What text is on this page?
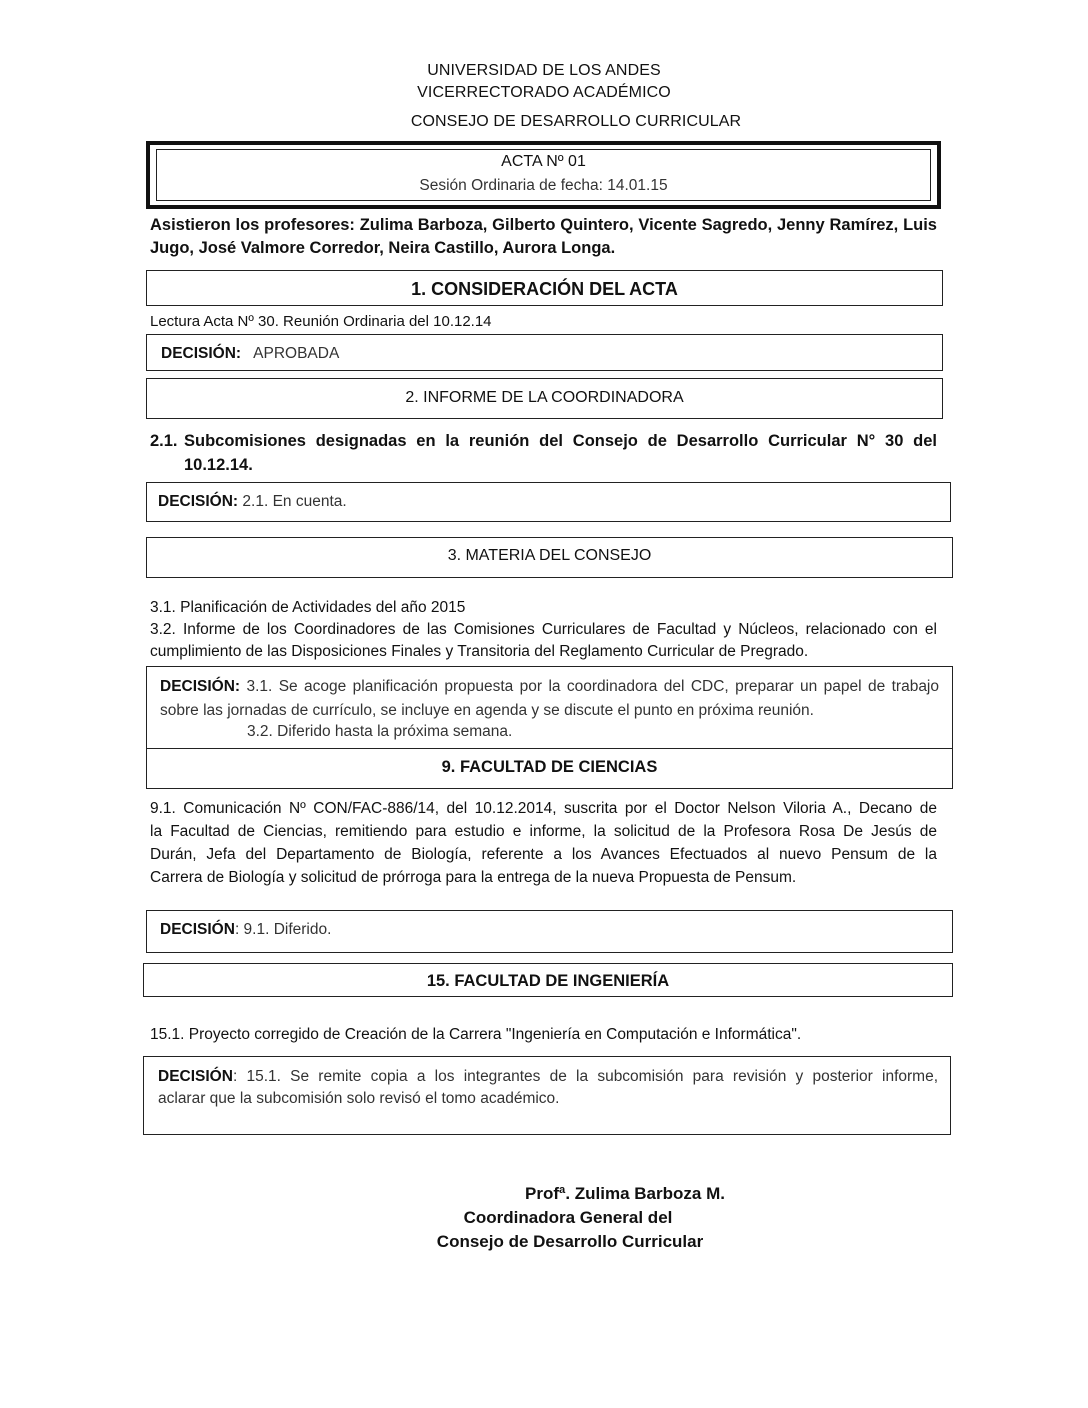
UNIVERSIDAD DE LOS ANDES
VICERRECTORADO ACADÉMICO
CONSEJO DE DESARROLLO CURRICULAR
ACTA Nº 01
Sesión Ordinaria de fecha: 14.01.15
Asistieron los profesores: Zulima Barboza, Gilberto Quintero, Vicente Sagredo, Jenny Ramírez, Luis
Jugo, José Valmore Corredor, Neira Castillo, Aurora Longa.
1. CONSIDERACIÓN DEL ACTA
Lectura Acta Nº 30. Reunión Ordinaria del 10.12.14
DECISIÓN: APROBADA
2. INFORME DE LA COORDINADORA
2.1. Subcomisiones designadas en la reunión del Consejo de Desarrollo Curricular N° 30 del
10.12.14.
DECISIÓN: 2.1. En cuenta.
3. MATERIA DEL CONSEJO
3.1. Planificación de Actividades del año 2015
3.2. Informe de los Coordinadores de las Comisiones Curriculares de Facultad y Núcleos, relacionado con el
cumplimiento de las Disposiciones Finales y Transitoria del Reglamento Curricular de Pregrado.
DECISIÓN: 3.1. Se acoge planificación propuesta por la coordinadora del CDC, preparar un papel de trabajo
sobre las jornadas de currículo, se incluye en agenda y se discute el punto en próxima reunión.
3.2. Diferido hasta la próxima semana.
9. FACULTAD DE CIENCIAS
9.1. Comunicación Nº CON/FAC-886/14, del 10.12.2014, suscrita por el Doctor Nelson Viloria A., Decano de
la Facultad de Ciencias, remitiendo para estudio e informe, la solicitud de la Profesora Rosa De Jesús de
Durán, Jefa del Departamento de Biología, referente a los Avances Efectuados al nuevo Pensum de la
Carrera de Biología y solicitud de prórroga para la entrega de la nueva Propuesta de Pensum.
DECISIÓN: 9.1. Diferido.
15. FACULTAD DE INGENIERÍA
15.1. Proyecto corregido de Creación de la Carrera "Ingeniería en Computación e Informática".
DECISIÓN: 15.1. Se remite copia a los integrantes de la subcomisión para revisión y posterior informe,
aclarar que la subcomisión solo revisó el tomo académico.
Profª. Zulima Barboza M.
Coordinadora General del
Consejo de Desarrollo Curricular
